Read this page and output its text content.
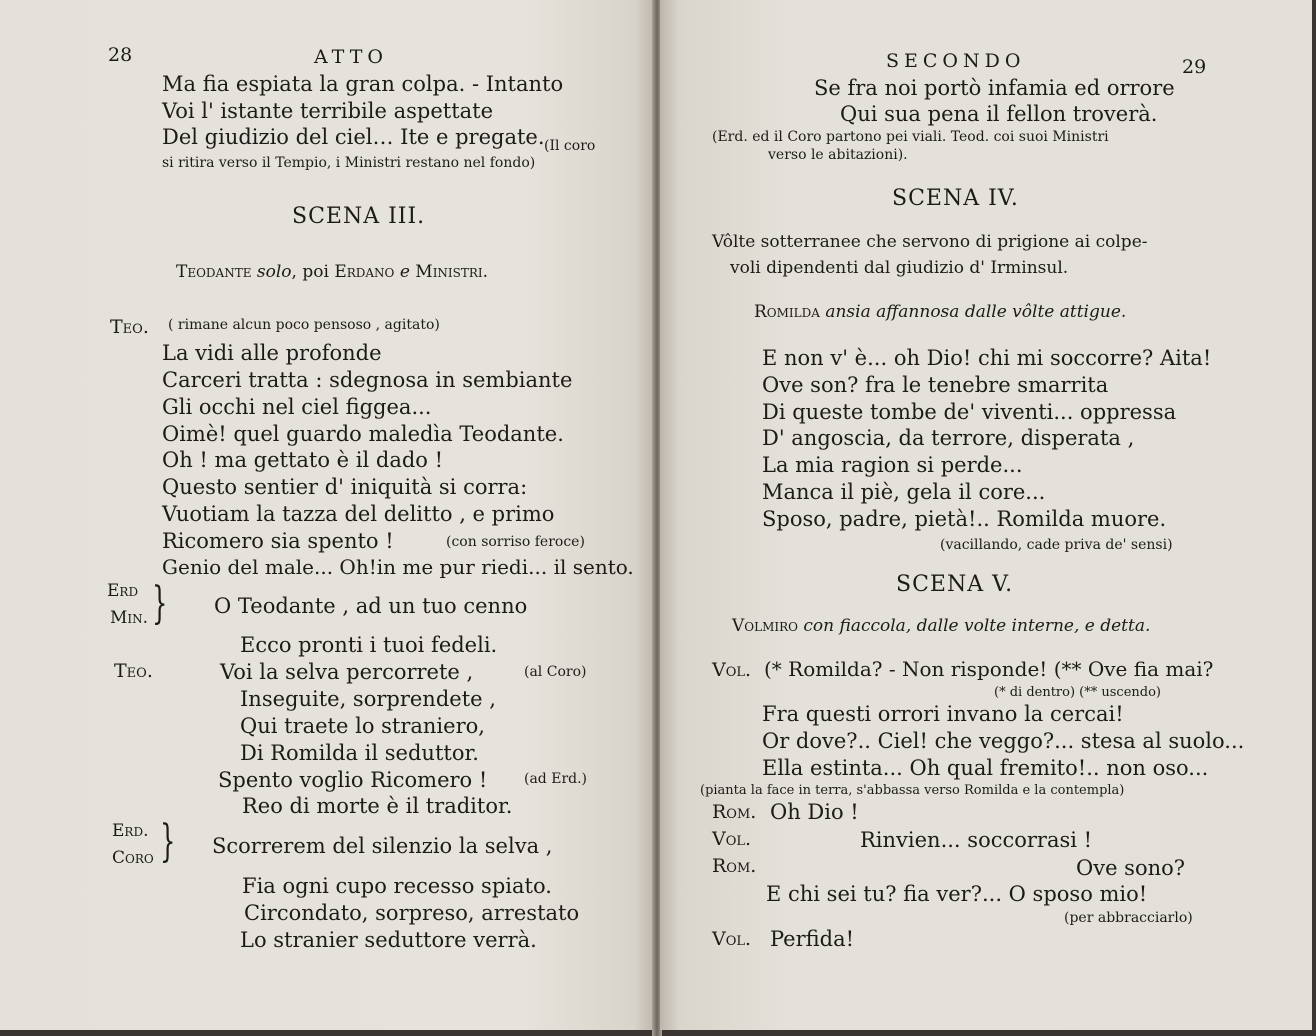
28	ATTO
Ma fia espiata la gran colpa. - Intanto
Voi l' istante terribile aspettate
Del giudizio del ciel… Ite e pregate. (Il coro
si ritira verso il Tempio, i Ministri restano nel fondo)
SCENA III.
Teodante solo, poi Erdano e Ministri.
Teo. ( rimane alcun poco pensoso , agitato)
La vidi alle profonde
Carceri tratta : sdegnosa in sembiante
Gli occhi nel ciel figgea...
Oimè! quel guardo maledìa Teodante.
Oh ! ma gettato è il dado !
Questo sentier d' iniquità si corra:
Vuotiam la tazza del delitto , e primo
Ricomero sia spento !	(con sorriso feroce)
Genio del male... Oh!in me pur riedi... il sento.
Erd
Min. } O Teodante , ad un tuo cenno
Ecco pronti i tuoi fedeli.
Teo.	Voi la selva percorrete ,	(al Coro)
Inseguite, sorprendete ,
Qui traete lo straniero,
Di Romilda il seduttor.
Spento voglio Ricomero !	(ad Erd.)
Reo di morte è il traditor.
Erd.
Coro } Scorrerem del silenzio la selva ,
Fia ogni cupo recesso spiato.
Circondato, sorpreso, arrestato
Lo stranier seduttore verrà.
SECONDO	29
Se fra noi portò infamia ed orrore
Qui sua pena il fellon troverà.
(Erd. ed il Coro partono pei viali. Teod. coi suoi Ministri
verso le abitazioni).
SCENA IV.
Vôlte sotterranee che servono di prigione ai colpe-
voli dipendenti dal giudizio d' Irminsul.
Romilda ansia affannosa dalle vôlte attigue.
E non v' è... oh Dio! chi mi soccorre? Aita!
Ove son? fra le tenebre smarrita
Di queste tombe de' viventi... oppressa
D' angoscia, da terrore, disperata ,
La mia ragion si perde...
Manca il piè, gela il core...
Sposo, padre, pietà!.. Romilda muore.
(vacillando, cade priva de' sensi)
SCENA V.
Volmiro con fiaccola, dalle volte interne, e detta.
Vol. (* Romilda? - Non risponde! (** Ove fia mai?
(* di dentro) (** uscendo)
Fra questi orrori invano la cercai!
Or dove?.. Ciel! che veggo?... stesa al suolo...
Ella estinta... Oh qual fremito!.. non oso...
(pianta la face in terra, s'abbassa verso Romilda e la contempla)
Rom. Oh Dio !
Vol.	Rinvien... soccorrasi !
Rom.	Ove sono?
E chi sei tu? fia ver?... O sposo mio!
(per abbracciarlo)
Vol. Perfida!
